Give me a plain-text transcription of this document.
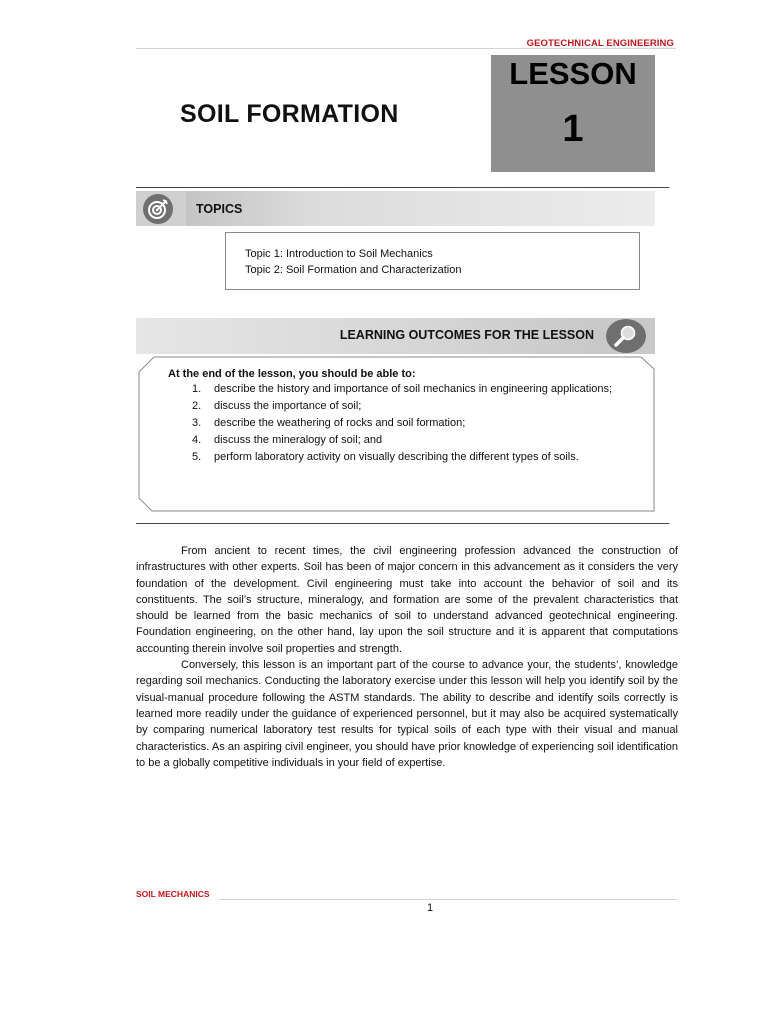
GEOTECHNICAL ENGINEERING
LESSON
1
SOIL FORMATION
TOPICS
Topic 1: Introduction to Soil Mechanics
Topic 2: Soil Formation and Characterization
LEARNING OUTCOMES FOR THE LESSON
At the end of the lesson, you should be able to:
1.	describe the history and importance of soil mechanics in engineering applications;
2.	discuss the importance of soil;
3.	describe the weathering of rocks and soil formation;
4.	discuss the mineralogy of soil; and
5.	perform laboratory activity on visually describing the different types of soils.

From ancient to recent times, the civil engineering profession advanced the construction of infrastructures with other experts. Soil has been of major concern in this advancement as it considers the very foundation of the development. Civil engineering must take into account the behavior of soil and its constituents. The soil’s structure, mineralogy, and formation are some of the prevalent characteristics that should be learned from the basic mechanics of soil to understand advanced geotechnical engineering. Foundation engineering, on the other hand, lay upon the soil structure and it is apparent that computations accounting therein involve soil properties and strength.

Conversely, this lesson is an important part of the course to advance your, the students’, knowledge regarding soil mechanics. Conducting the laboratory exercise under this lesson will help you identify soil by the visual-manual procedure following the ASTM standards. The ability to describe and identify soils correctly is learned more readily under the guidance of experienced personnel, but it may also be acquired systematically by comparing numerical laboratory test results for typical soils of each type with their visual and manual characteristics. As an aspiring civil engineer, you should have prior knowledge of experiencing soil identification to be a globally competitive individuals in your field of expertise.

SOIL MECHANICS
1
